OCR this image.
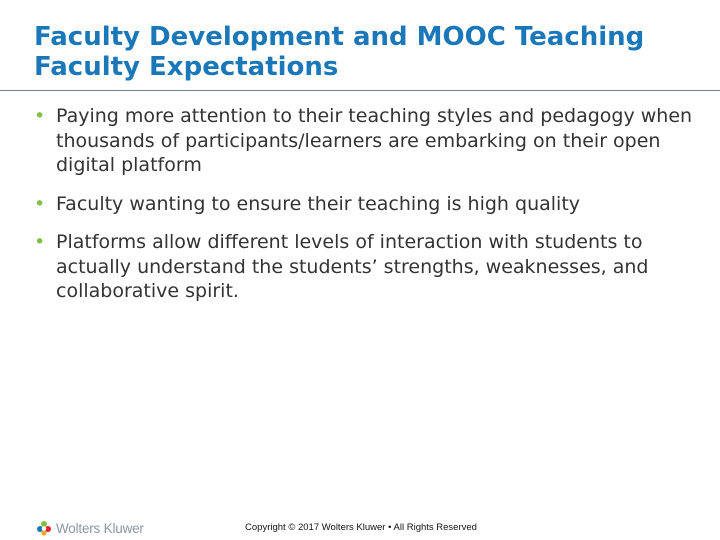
Faculty Development and MOOC Teaching
Faculty Expectations
• Paying more attention to their teaching styles and pedagogy when thousands of participants/learners are embarking on their open digital platform
• Faculty wanting to ensure their teaching is high quality
• Platforms allow different levels of interaction with students to actually understand the students’ strengths, weaknesses, and collaborative spirit.
Wolters Kluwer	Copyright © 2017 Wolters Kluwer • All Rights Reserved
